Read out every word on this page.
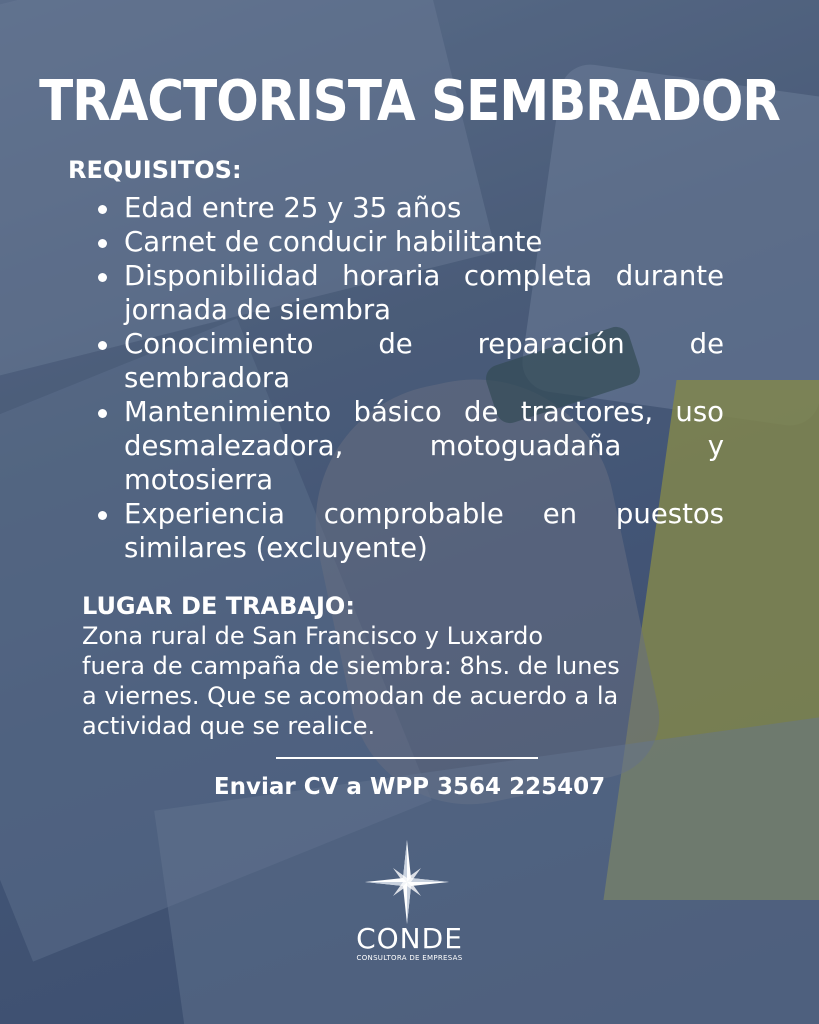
TRACTORISTA SEMBRADOR
REQUISITOS:
Edad entre 25 y 35 años
Carnet de conducir habilitante
Disponibilidad horaria completa durante jornada de siembra
Conocimiento de reparación de sembradora
Mantenimiento básico de tractores, uso desmalezadora, motoguadaña y motosierra
Experiencia comprobable en puestos similares (excluyente)
LUGAR DE TRABAJO:
Zona rural de San Francisco y Luxardo
fuera de campaña de siembra: 8hs. de lunes
a viernes. Que se acomodan de acuerdo a la
actividad que se realice.
Enviar CV a WPP 3564 225407
CONDE
CONSULTORA DE EMPRESAS
